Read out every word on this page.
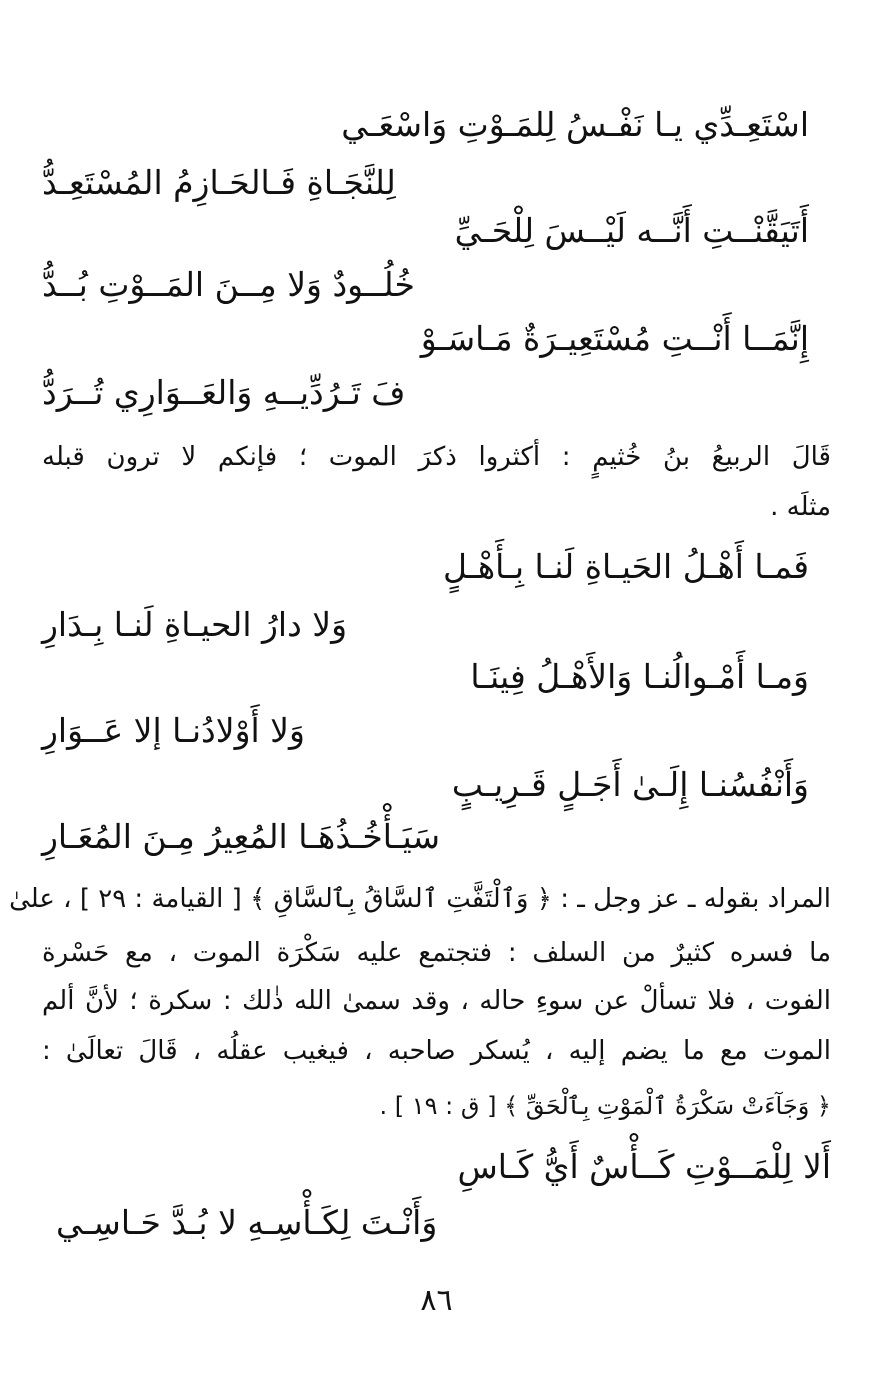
اسْتَعِـدِّي يـا نَفْـسُ لِلمَـوْتِ وَاسْعَـي
لِلنَّجَـاةِ فَـالحَـازِمُ المُسْتَعِـدُّ
أَتَيَقَّنْــتِ أَنَّــه لَيْــسَ لِلْحَـيِّ
خُلُــودٌ وَلا مِــنَ المَــوْتِ بُــدُّ
إِنَّمَــا أَنْــتِ مُسْتَعِيـرَةٌ مَـاسَـوْ
فَ تَـرُدِّيــهِ وَالعَــوَارِي تُــرَدُّ
قَالَ الربيعُ بنُ خُثيمٍ : أكثروا ذكرَ الموت ؛ فإنكم لا ترون قبله
مثلَه .
فَمـا أَهْـلُ الحَيـاةِ لَنـا بِـأَهْـلٍ
وَلا دارُ الحيـاةِ لَنـا بِـدَارِ
وَمـا أَمْـوالُنـا وَالأَهْـلُ فِينَـا
وَلا أَوْلادُنـا إلا عَــوَارِ
وَأَنْفُسُنـا إِلَـىٰ أَجَـلٍ قَـرِيـبٍ
سَيَـأْخُـذُهَـا المُعِيرُ مِـنَ المُعَـارِ
المراد بقوله ـ عز وجل ـ : ﴿ وَٱلْتَفَّتِ ٱلسَّاقُ بِٱلسَّاقِ ﴾ [ القيامة : ٢٩ ] ، علىٰ
ما فسره كثيرٌ من السلف : فتجتمع عليه سَكْرَة الموت ، مع حَسْرة
الفوت ، فلا تسألْ عن سوءِ حاله ، وقد سمىٰ الله ذٰلك : سكرة ؛ لأنَّ ألم
الموت مع ما يضم إليه ، يُسكر صاحبه ، فيغيب عقلُه ، قَالَ تعالَىٰ :
﴿ وَجَآءَتْ سَكْرَةُ ٱلْمَوْتِ بِٱلْحَقِّ ﴾ [ ق : ١٩ ] .
أَلا لِلْمَــوْتِ كَــأْسٌ أَيُّ كَـاسِ
وَأَنْـتَ لِكَـأْسِـهِ لا بُـدَّ حَـاسِـي
٨٦
